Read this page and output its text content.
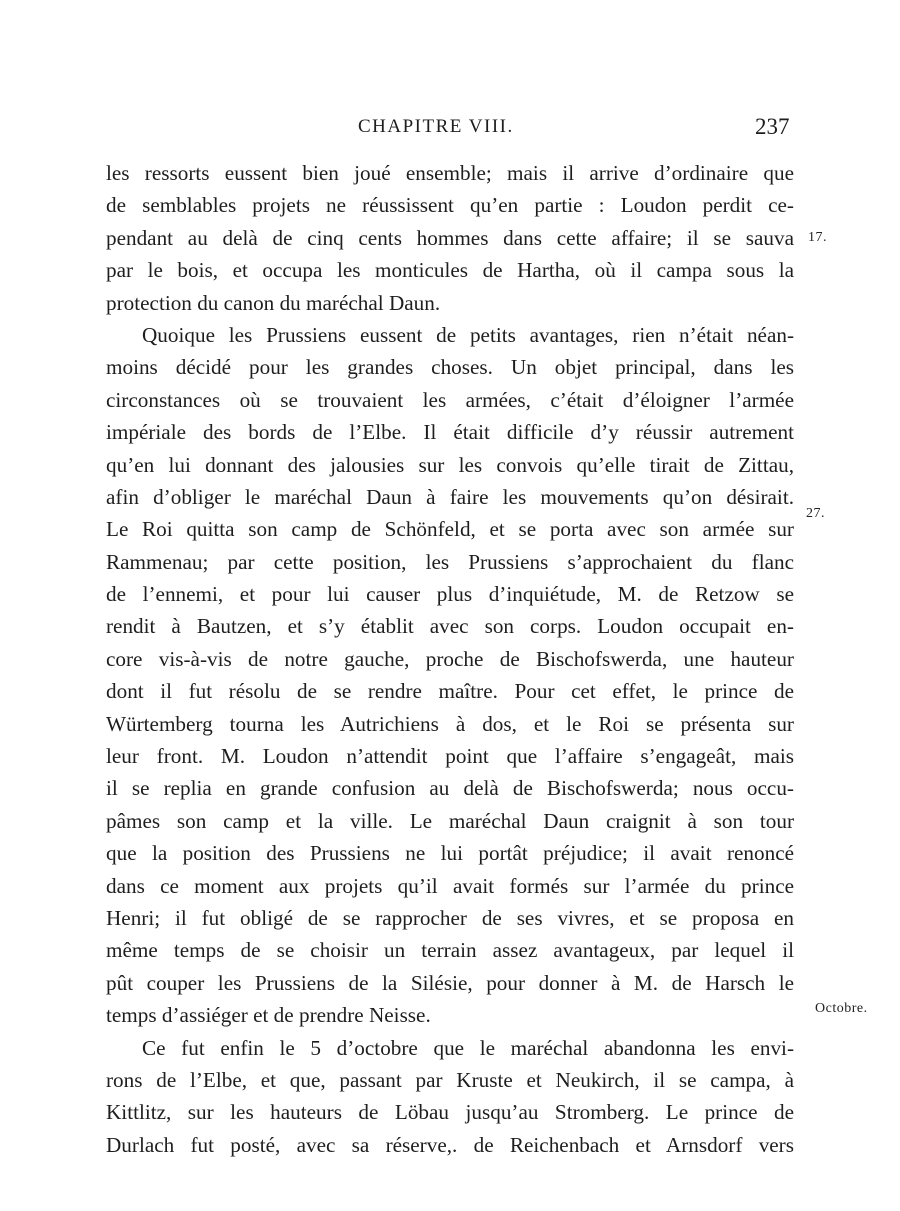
CHAPITRE VIII.	237
les ressorts eussent bien joué ensemble; mais il arrive d’ordinaire que
de semblables projets ne réussissent qu’en partie : Loudon perdit ce-
pendant au delà de cinq cents hommes dans cette affaire; il se sauva
par le bois, et occupa les monticules de Hartha, où il campa sous la
protection du canon du maréchal Daun.
Quoique les Prussiens eussent de petits avantages, rien n’était néan-
moins décidé pour les grandes choses. Un objet principal, dans les
circonstances où se trouvaient les armées, c’était d’éloigner l’armée
impériale des bords de l’Elbe. Il était difficile d’y réussir autrement
qu’en lui donnant des jalousies sur les convois qu’elle tirait de Zittau,
afin d’obliger le maréchal Daun à faire les mouvements qu’on désirait.
Le Roi quitta son camp de Schönfeld, et se porta avec son armée sur
Rammenau; par cette position, les Prussiens s’approchaient du flanc
de l’ennemi, et pour lui causer plus d’inquiétude, M. de Retzow se
rendit à Bautzen, et s’y établit avec son corps. Loudon occupait en-
core vis-à-vis de notre gauche, proche de Bischofswerda, une hauteur
dont il fut résolu de se rendre maître. Pour cet effet, le prince de
Würtemberg tourna les Autrichiens à dos, et le Roi se présenta sur
leur front. M. Loudon n’attendit point que l’affaire s’engageât, mais
il se replia en grande confusion au delà de Bischofswerda; nous occu-
pâmes son camp et la ville. Le maréchal Daun craignit à son tour
que la position des Prussiens ne lui portât préjudice; il avait renoncé
dans ce moment aux projets qu’il avait formés sur l’armée du prince
Henri; il fut obligé de se rapprocher de ses vivres, et se proposa en
même temps de se choisir un terrain assez avantageux, par lequel il
pût couper les Prussiens de la Silésie, pour donner à M. de Harsch le
temps d’assiéger et de prendre Neisse.
Ce fut enfin le 5 d’octobre que le maréchal abandonna les envi-
rons de l’Elbe, et que, passant par Kruste et Neukirch, il se campa, à
Kittlitz, sur les hauteurs de Löbau jusqu’au Stromberg. Le prince de
Durlach fut posté, avec sa réserve,. de Reichenbach et Arnsdorf vers
17.
27.
Octobre.
